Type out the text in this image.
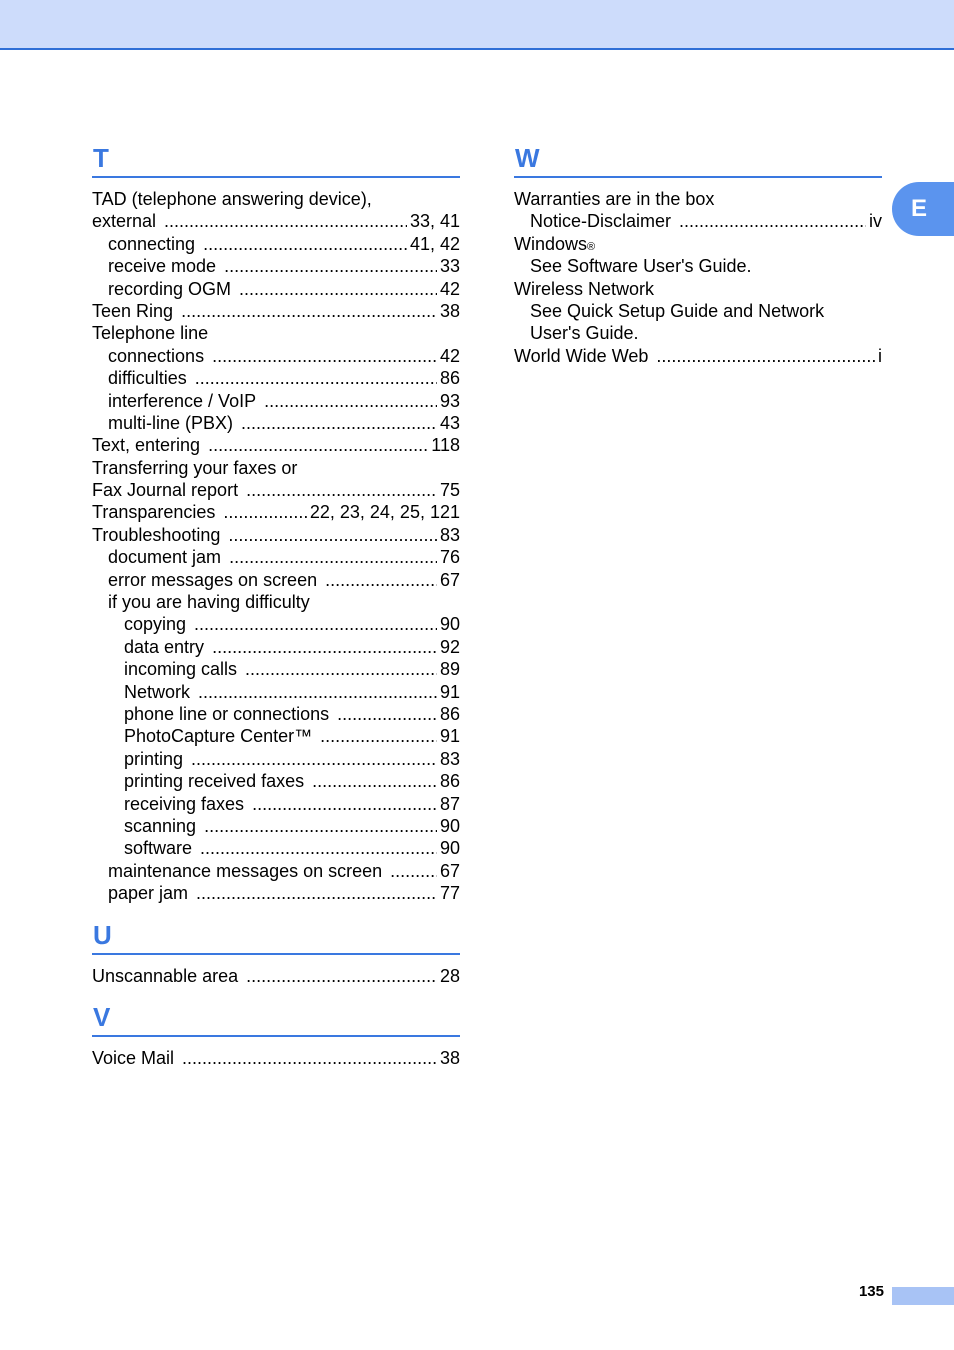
T
TAD (telephone answering device),
external .....	33, 41
connecting .....	41, 42
receive mode .....	33
recording OGM .....	42
Teen Ring .....	38
Telephone line
connections .....	42
difficulties .....	86
interference / VoIP .....	93
multi-line (PBX) .....	43
Text, entering .....	118
Transferring your faxes or
Fax Journal report .....	75
Transparencies .....	22, 23, 24, 25, 121
Troubleshooting .....	83
document jam .....	76
error messages on screen .....	67
if you are having difficulty
copying .....	90
data entry .....	92
incoming calls .....	89
Network .....	91
phone line or connections .....	86
PhotoCapture Center™ .....	91
printing .....	83
printing received faxes .....	86
receiving faxes .....	87
scanning .....	90
software .....	90
maintenance messages on screen .....	67
paper jam .....	77
U
Unscannable area .....	28
V
Voice Mail .....	38
W
Warranties are in the box
Notice-Disclaimer .....	iv
Windows ®
See Software User's Guide.
Wireless Network
See Quick Setup Guide and Network
User's Guide.
World Wide Web .....	i
E
135
